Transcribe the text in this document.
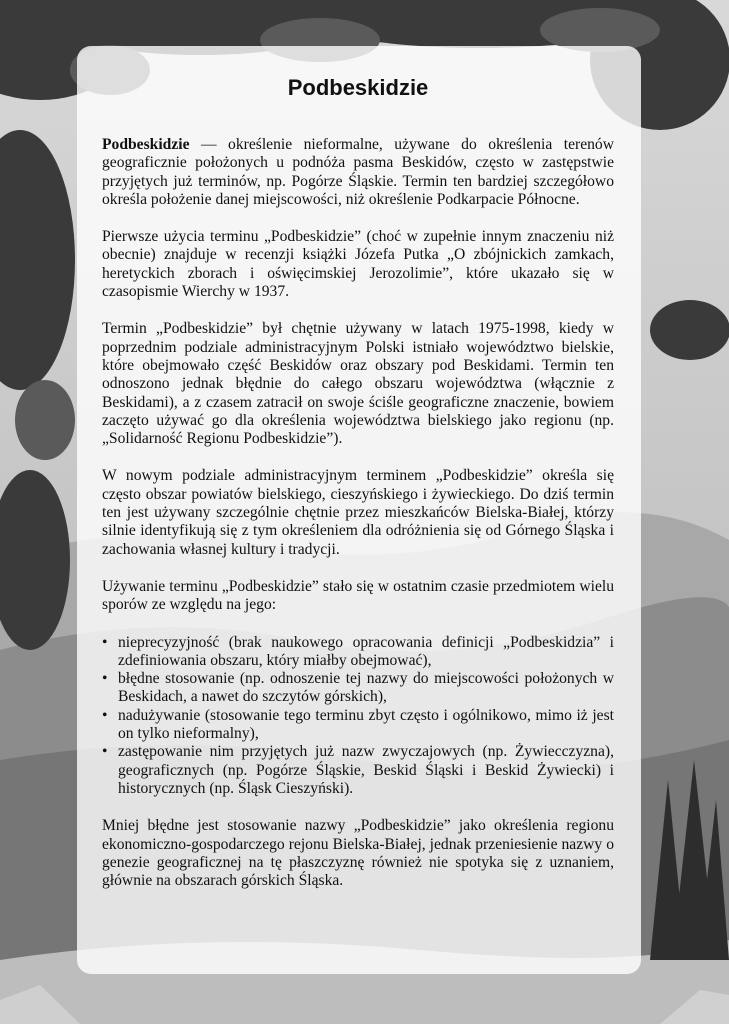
Podbeskidzie

Podbeskidzie — określenie nieformalne, używane do określenia terenów geograficznie położonych u podnóża pasma Beskidów, często w zastępstwie przyjętych już terminów, np. Pogórze Śląskie. Termin ten bardziej szczegółowo określa położenie danej miejscowości, niż określenie Podkarpacie Północne.

Pierwsze użycia terminu „Podbeskidzie” (choć w zupełnie innym znaczeniu niż obecnie) znajduje w recenzji książki Józefa Putka „O zbójnickich zamkach, heretyckich zborach i oświęcimskiej Jerozolimie”, które ukazało się w czasopismie Wierchy w 1937.

Termin „Podbeskidzie” był chętnie używany w latach 1975-1998, kiedy w poprzednim podziale administracyjnym Polski istniało województwo bielskie, które obejmowało część Beskidów oraz obszary pod Beskidami. Termin ten odnoszono jednak błędnie do całego obszaru województwa (włącznie z Beskidami), a z czasem zatracił on swoje ściśle geograficzne znaczenie, bowiem zaczęto używać go dla określenia województwa bielskiego jako regionu (np. „Solidarność Regionu Podbeskidzie”).

W nowym podziale administracyjnym terminem „Podbeskidzie” określa się często obszar powiatów bielskiego, cieszyńskiego i żywieckiego. Do dziś termin ten jest używany szczególnie chętnie przez mieszkańców Bielska-Białej, którzy silnie identyfikują się z tym określeniem dla odróżnienia się od Górnego Śląska i zachowania własnej kultury i tradycji.

Używanie terminu „Podbeskidzie” stało się w ostatnim czasie przedmiotem wielu sporów ze względu na jego:

• nieprecyzyjność (brak naukowego opracowania definicji „Podbeskidzia” i zdefiniowania obszaru, który miałby obejmować),
• błędne stosowanie (np. odnoszenie tej nazwy do miejscowości położonych w Beskidach, a nawet do szczytów górskich),
• nadużywanie (stosowanie tego terminu zbyt często i ogólnikowo, mimo iż jest on tylko nieformalny),
• zastępowanie nim przyjętych już nazw zwyczajowych (np. Żywiecczyzna), geograficznych (np. Pogórze Śląskie, Beskid Śląski i Beskid Żywiecki) i historycznych (np. Śląsk Cieszyński).

Mniej błędne jest stosowanie nazwy „Podbeskidzie” jako określenia regionu ekonomiczno-gospodarczego rejonu Bielska-Białej, jednak przeniesienie nazwy o genezie geograficznej na tę płaszczyznę również nie spotyka się z uznaniem, głównie na obszarach górskich Śląska.
